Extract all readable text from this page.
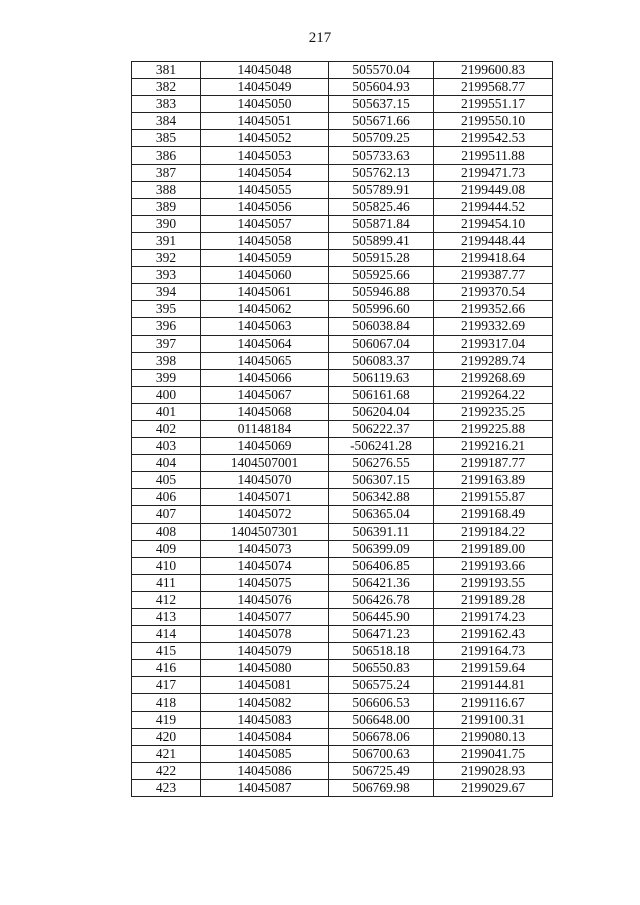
217
381	14045048	505570.04	2199600.83
382	14045049	505604.93	2199568.77
383	14045050	505637.15	2199551.17
384	14045051	505671.66	2199550.10
385	14045052	505709.25	2199542.53
386	14045053	505733.63	2199511.88
387	14045054	505762.13	2199471.73
388	14045055	505789.91	2199449.08
389	14045056	505825.46	2199444.52
390	14045057	505871.84	2199454.10
391	14045058	505899.41	2199448.44
392	14045059	505915.28	2199418.64
393	14045060	505925.66	2199387.77
394	14045061	505946.88	2199370.54
395	14045062	505996.60	2199352.66
396	14045063	506038.84	2199332.69
397	14045064	506067.04	2199317.04
398	14045065	506083.37	2199289.74
399	14045066	506119.63	2199268.69
400	14045067	506161.68	2199264.22
401	14045068	506204.04	2199235.25
402	01148184	506222.37	2199225.88
403	14045069	-506241.28	2199216.21
404	1404507001	506276.55	2199187.77
405	14045070	506307.15	2199163.89
406	14045071	506342.88	2199155.87
407	14045072	506365.04	2199168.49
408	1404507301	506391.11	2199184.22
409	14045073	506399.09	2199189.00
410	14045074	506406.85	2199193.66
411	14045075	506421.36	2199193.55
412	14045076	506426.78	2199189.28
413	14045077	506445.90	2199174.23
414	14045078	506471.23	2199162.43
415	14045079	506518.18	2199164.73
416	14045080	506550.83	2199159.64
417	14045081	506575.24	2199144.81
418	14045082	506606.53	2199116.67
419	14045083	506648.00	2199100.31
420	14045084	506678.06	2199080.13
421	14045085	506700.63	2199041.75
422	14045086	506725.49	2199028.93
423	14045087	506769.98	2199029.67
